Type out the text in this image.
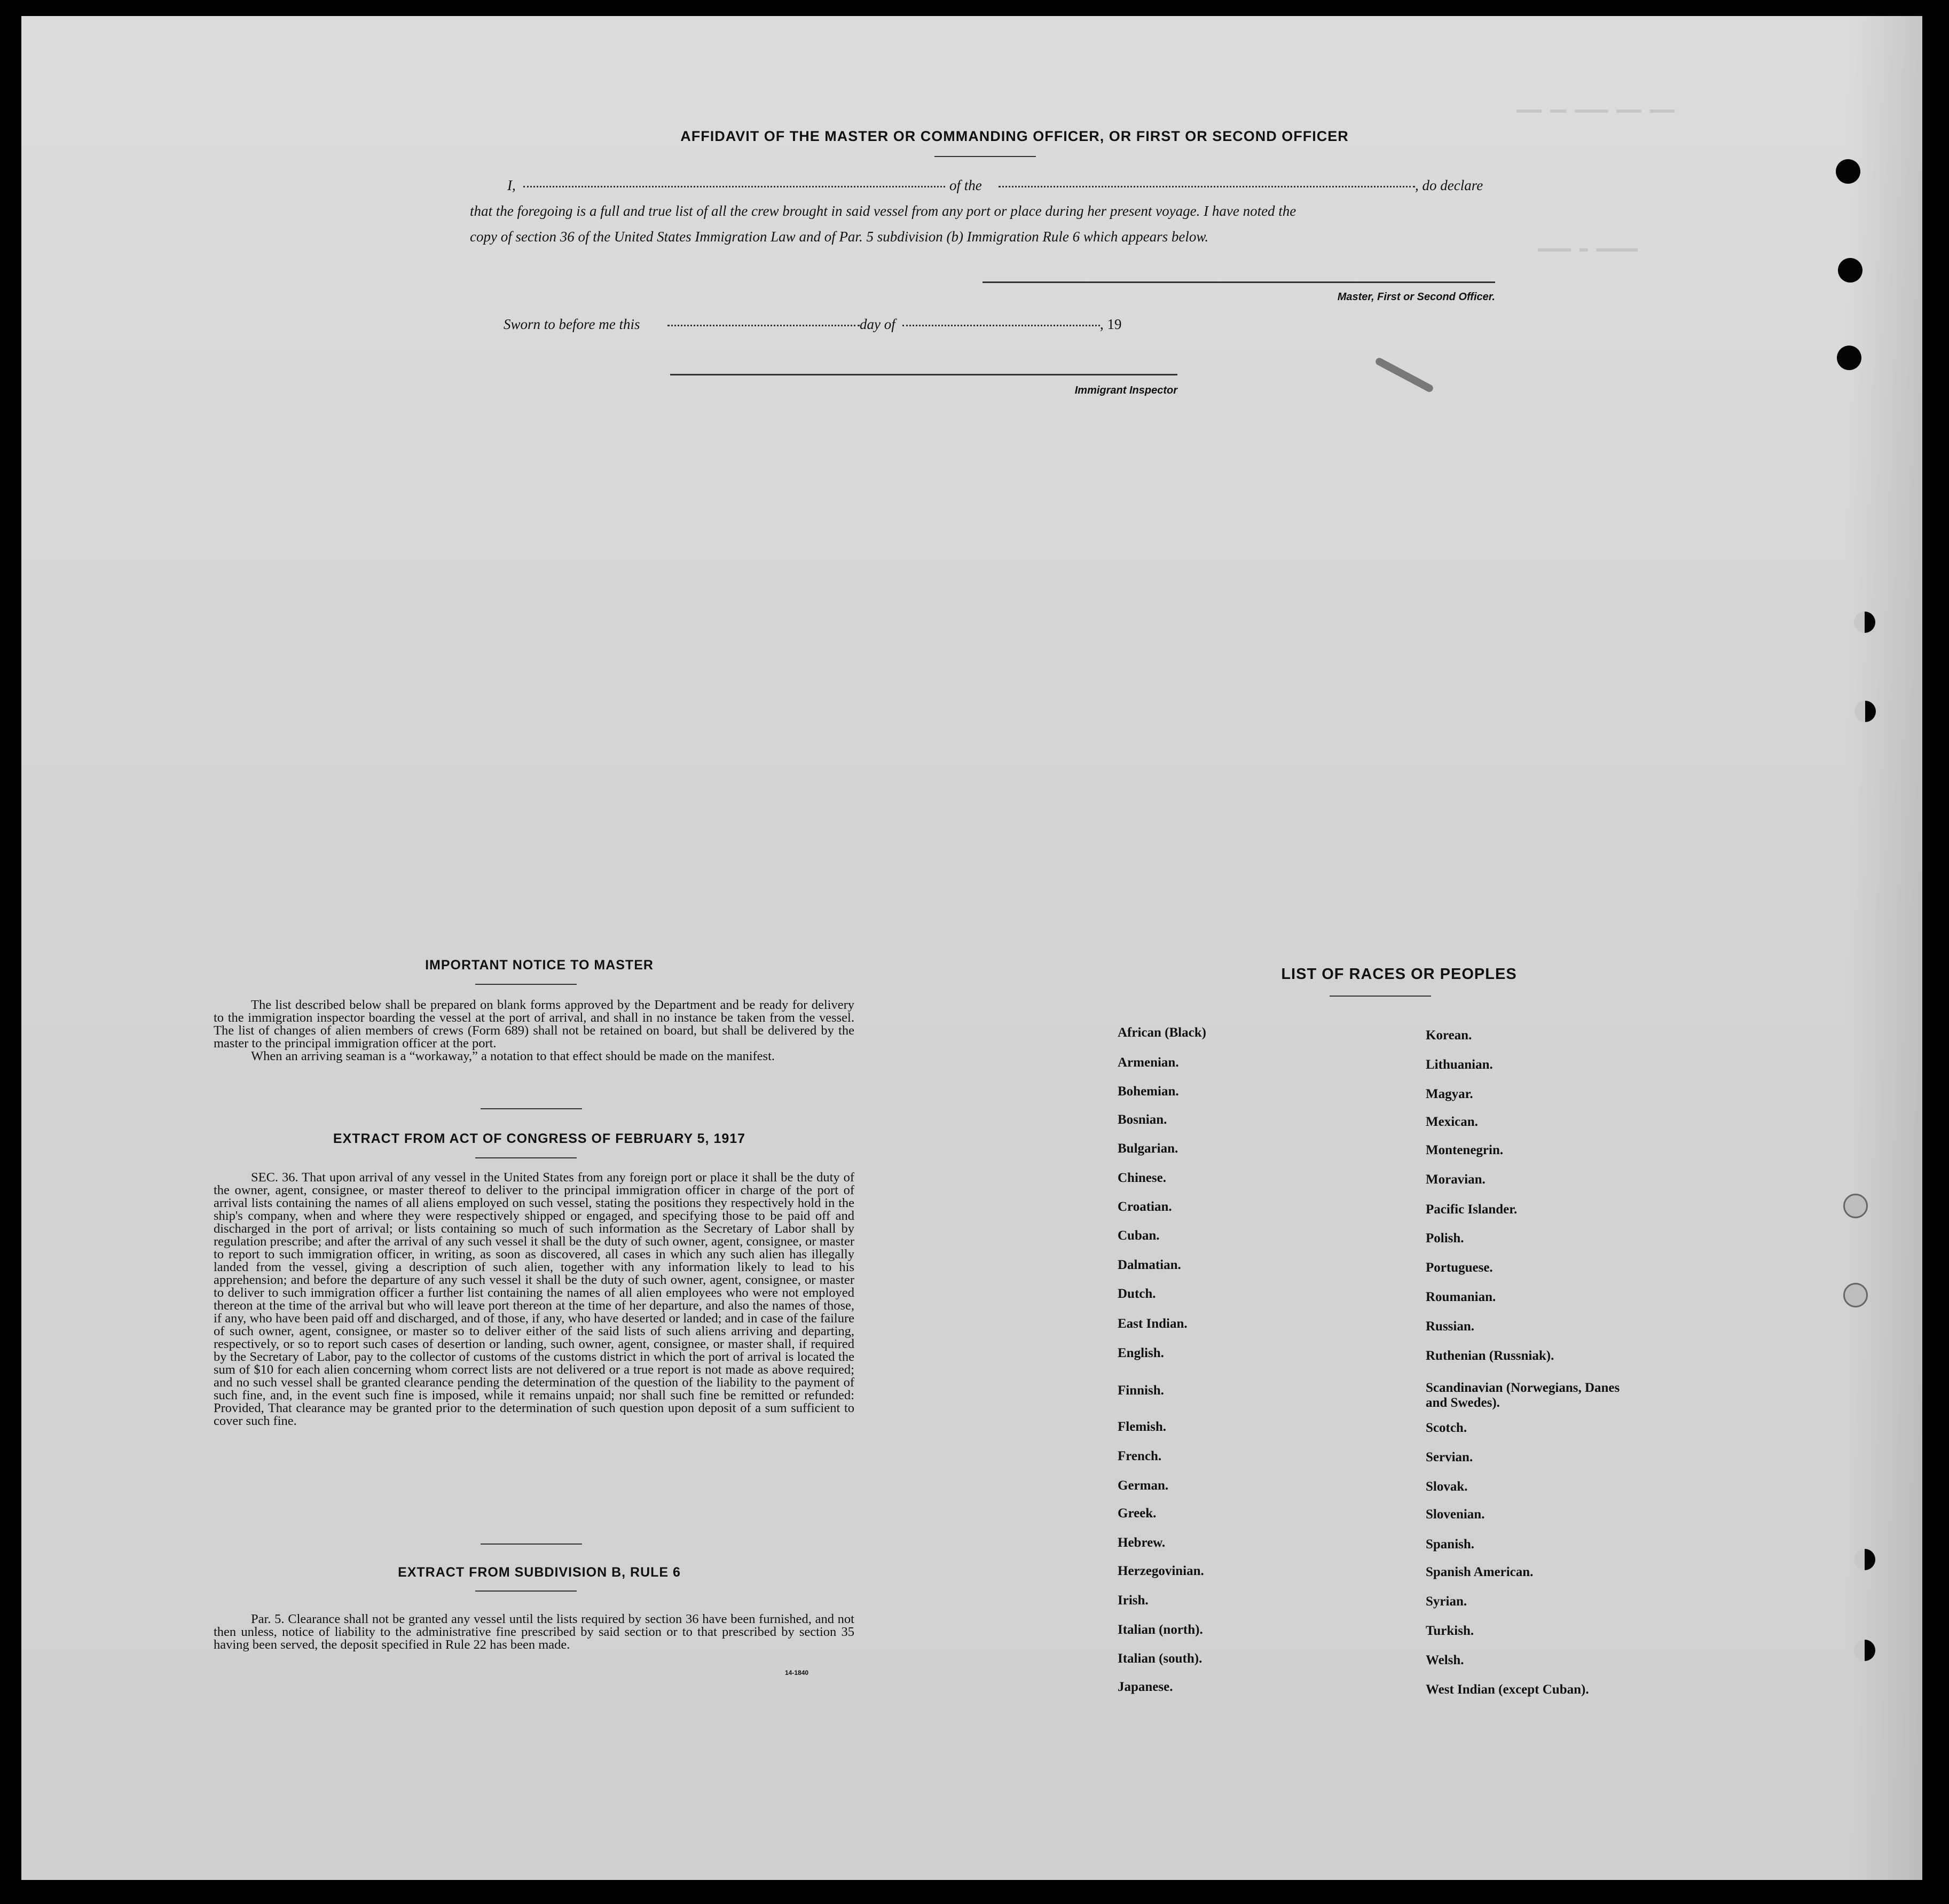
▬▬▬ ▬▬ ▬▬▬▬ ▬▬▬ ▬▬▬
▬▬▬▬ ▬ ▬▬▬▬▬
AFFIDAVIT OF THE MASTER OR COMMANDING OFFICER, OR FIRST OR SECOND OFFICER
I,	of the	, do declare
that the foregoing is a full and true list of all the crew brought in said vessel from any port or place during her present voyage. I have noted the
copy of section 36 of the United States Immigration Law and of Par. 5 subdivision (b) Immigration Rule 6 which appears below.
Master, First or Second Officer.
Sworn to before me this	day of	, 19
Immigrant Inspector
IMPORTANT NOTICE TO MASTER

The list described below shall be prepared on blank forms approved by the Department and be ready for delivery to the immigration inspector boarding the vessel at the port of arrival, and shall in no instance be taken from the vessel. The list of changes of alien members of crews (Form 689) shall not be retained on board, but shall be delivered by the master to the principal immigration officer at the port.

When an arriving seaman is a “workaway,” a notation to that effect should be made on the manifest.

EXTRACT FROM ACT OF CONGRESS OF FEBRUARY 5, 1917

SEC. 36. That upon arrival of any vessel in the United States from any foreign port or place it shall be the duty of the owner, agent, consignee, or master thereof to deliver to the principal immigration officer in charge of the port of arrival lists containing the names of all aliens employed on such vessel, stating the positions they respectively hold in the ship's company, when and where they were respectively shipped or engaged, and specifying those to be paid off and discharged in the port of arrival; or lists containing so much of such information as the Secretary of Labor shall by regulation prescribe; and after the arrival of any such vessel it shall be the duty of such owner, agent, consignee, or master to report to such immigration officer, in writing, as soon as discovered, all cases in which any such alien has illegally landed from the vessel, giving a description of such alien, together with any information likely to lead to his apprehension; and before the departure of any such vessel it shall be the duty of such owner, agent, consignee, or master to deliver to such immigration officer a further list containing the names of all alien employees who were not employed thereon at the time of the arrival but who will leave port thereon at the time of her departure, and also the names of those, if any, who have been paid off and discharged, and of those, if any, who have deserted or landed; and in case of the failure of such owner, agent, consignee, or master so to deliver either of the said lists of such aliens arriving and departing, respectively, or so to report such cases of desertion or landing, such owner, agent, consignee, or master shall, if required by the Secretary of Labor, pay to the collector of customs of the customs district in which the port of arrival is located the sum of $10 for each alien concerning whom correct lists are not delivered or a true report is not made as above required; and no such vessel shall be granted clearance pending the determination of the question of the liability to the payment of such fine, and, in the event such fine is imposed, while it remains unpaid; nor shall such fine be remitted or refunded: Provided, That clearance may be granted prior to the determination of such question upon deposit of a sum sufficient to cover such fine.

EXTRACT FROM SUBDIVISION B, RULE 6

Par. 5. Clearance shall not be granted any vessel until the lists required by section 36 have been furnished, and not then unless, notice of liability to the administrative fine prescribed by said section or to that prescribed by section 35 having been served, the deposit specified in Rule 22 has been made.

14-1840
LIST OF RACES OR PEOPLES
African (Black)
Armenian.
Bohemian.
Bosnian.
Bulgarian.
Chinese.
Croatian.
Cuban.
Dalmatian.
Dutch.
East Indian.
English.
Finnish.
Flemish.
French.
German.
Greek.
Hebrew.
Herzegovinian.
Irish.
Italian (north).
Italian (south).
Japanese.
Korean.
Lithuanian.
Magyar.
Mexican.
Montenegrin.
Moravian.
Pacific Islander.
Polish.
Portuguese.
Roumanian.
Russian.
Ruthenian (Russniak).
Scandinavian (Norwegians, Danes and Swedes).
Scotch.
Servian.
Slovak.
Slovenian.
Spanish.
Spanish American.
Syrian.
Turkish.
Welsh.
West Indian (except Cuban).
